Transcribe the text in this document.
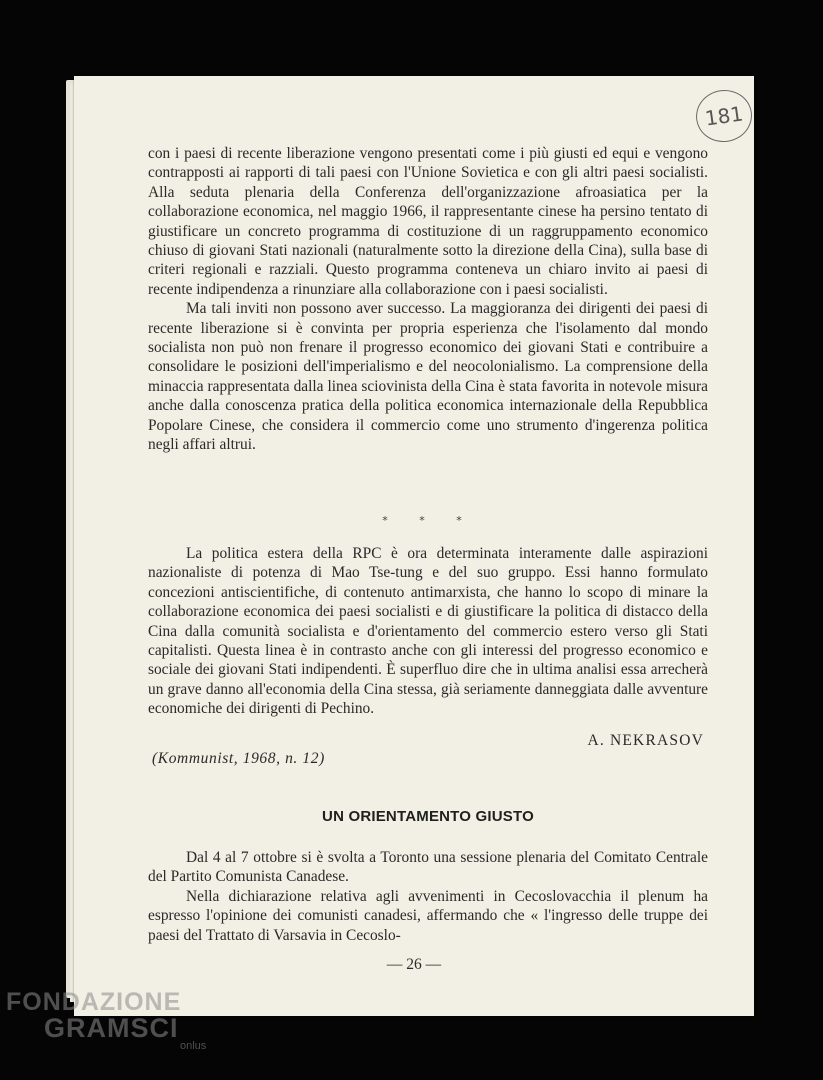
181

con i paesi di recente liberazione vengono presentati come i più giusti ed equi e vengono contrapposti ai rapporti di tali paesi con l'Unione Sovietica e con gli altri paesi socialisti. Alla seduta plenaria della Conferenza dell'organizzazione afroasiatica per la collaborazione economica, nel maggio 1966, il rappresentante cinese ha persino tentato di giustificare un concreto programma di costituzione di un raggruppamento economico chiuso di giovani Stati nazionali (naturalmente sotto la direzione della Cina), sulla base di criteri regionali e razziali. Questo programma conteneva un chiaro invito ai paesi di recente indipendenza a rinunziare alla collaborazione con i paesi socialisti.

Ma tali inviti non possono aver successo. La maggioranza dei dirigenti dei paesi di recente liberazione si è convinta per propria esperienza che l'isolamento dal mondo socialista non può non frenare il progresso economico dei giovani Stati e contribuire a consolidare le posizioni dell'imperialismo e del neocolonialismo. La comprensione della minaccia rappresentata dalla linea sciovinista della Cina è stata favorita in notevole misura anche dalla conoscenza pratica della politica economica internazionale della Repubblica Popolare Cinese, che considera il commercio come uno strumento d'ingerenza politica negli affari altrui.

* * *

La politica estera della RPC è ora determinata interamente dalle aspirazioni nazionaliste di potenza di Mao Tse-tung e del suo gruppo. Essi hanno formulato concezioni antiscientifiche, di contenuto antimarxista, che hanno lo scopo di minare la collaborazione economica dei paesi socialisti e di giustificare la politica di distacco della Cina dalla comunità socialista e d'orientamento del commercio estero verso gli Stati capitalisti. Questa linea è in contrasto anche con gli interessi del progresso economico e sociale dei giovani Stati indipendenti. È superfluo dire che in ultima analisi essa arrecherà un grave danno all'economia della Cina stessa, già seriamente danneggiata dalle avventure economiche dei dirigenti di Pechino.

A. NEKRASOV
(Kommunist, 1968, n. 12)
UN ORIENTAMENTO GIUSTO

Dal 4 al 7 ottobre si è svolta a Toronto una sessione plenaria del Comitato Centrale del Partito Comunista Canadese.

Nella dichiarazione relativa agli avvenimenti in Cecoslovacchia il plenum ha espresso l'opinione dei comunisti canadesi, affermando che « l'ingresso delle truppe dei paesi del Trattato di Varsavia in Cecoslo-

— 26 —
FONDAZIONE
GRAMSCI
onlus
